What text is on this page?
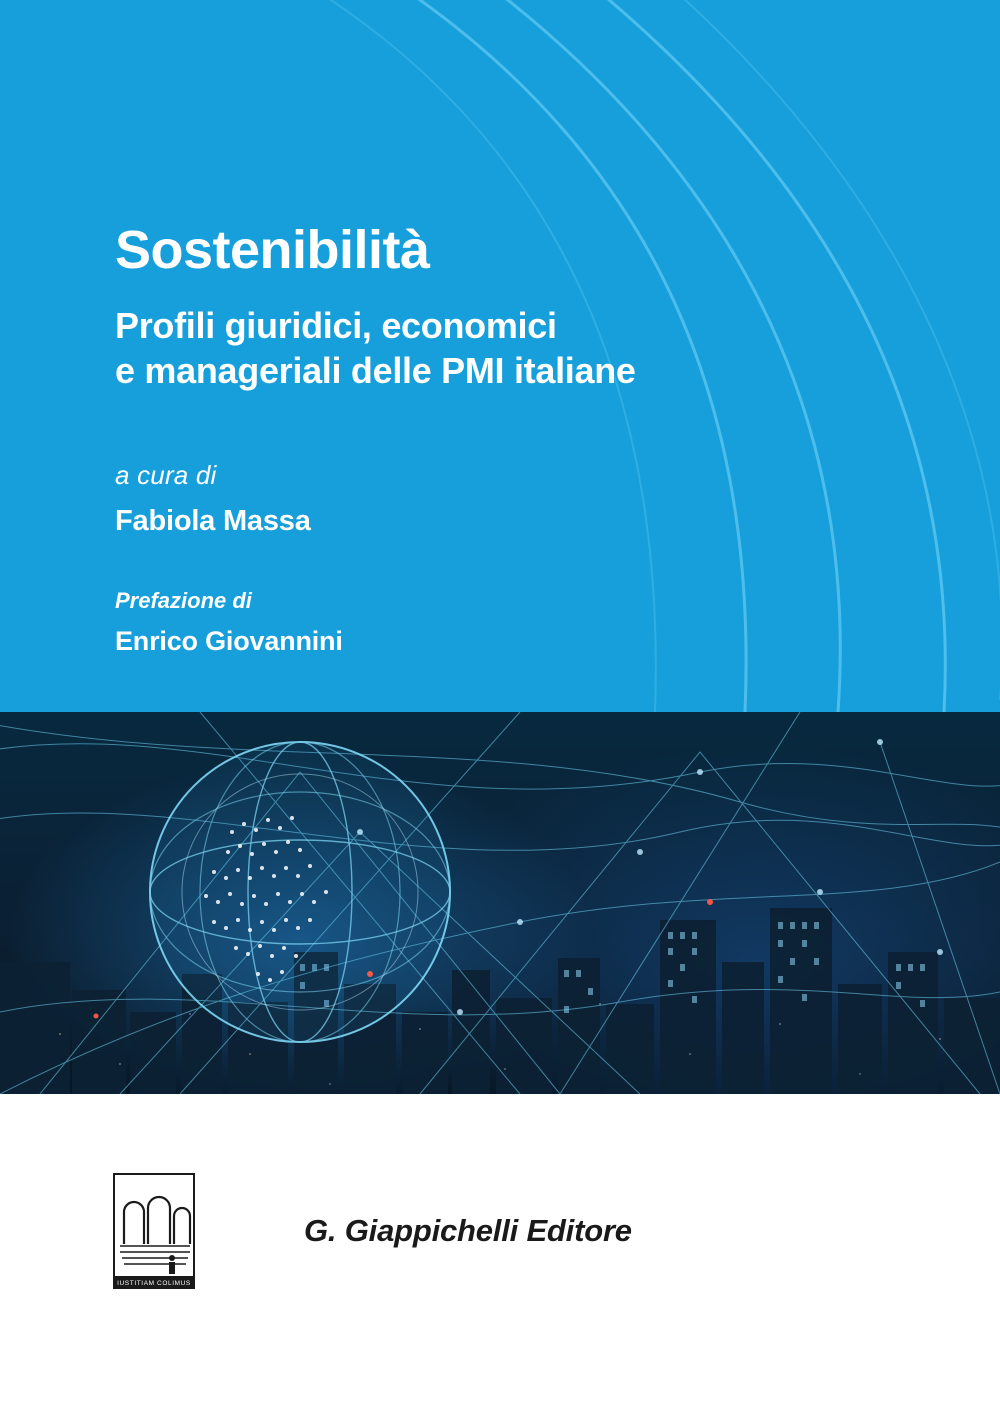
Sostenibilità

Profili giuridici, economici
e manageriali delle PMI italiane

a cura di

Fabiola Massa

Prefazione di

Enrico Giovannini

IUSTITIAM COLIMUS
G. Giappichelli Editore
